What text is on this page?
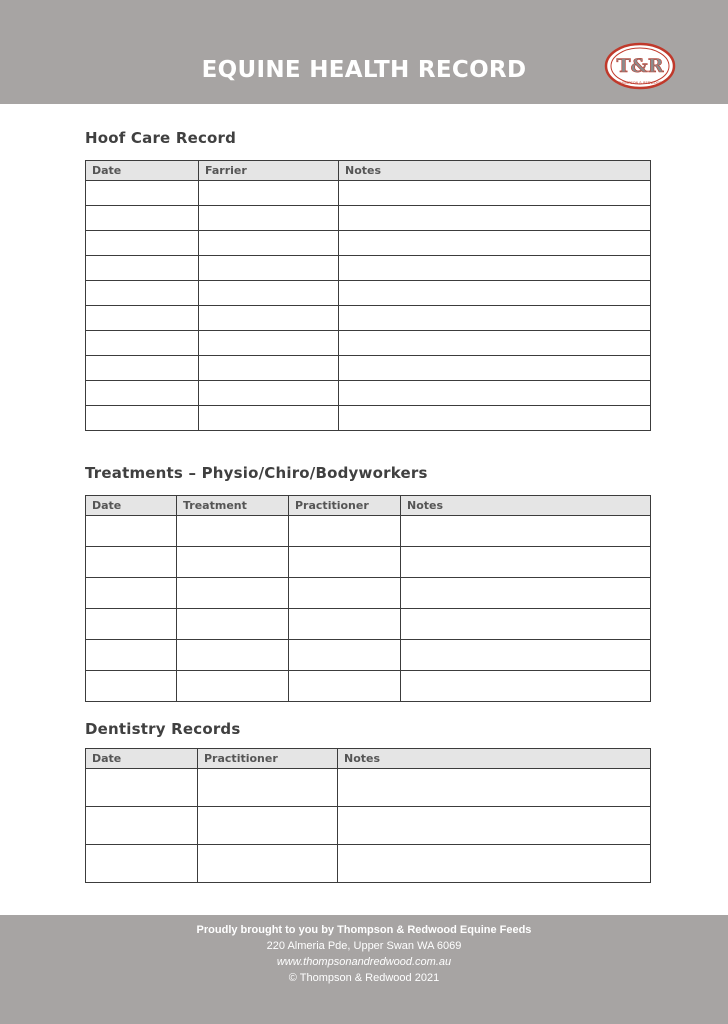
EQUINE HEALTH RECORD	T&R
THOMPSON & REDWOOD
Hoof Care Record
Date	Farrier	Notes

Treatments – Physio/Chiro/Bodyworkers
Date	Treatment	Practitioner	Notes

Dentistry Records
Date	Practitioner	Notes

Proudly brought to you by Thompson & Redwood Equine Feeds
220 Almeria Pde, Upper Swan WA 6069
www.thompsonandredwood.com.au
© Thompson & Redwood 2021
